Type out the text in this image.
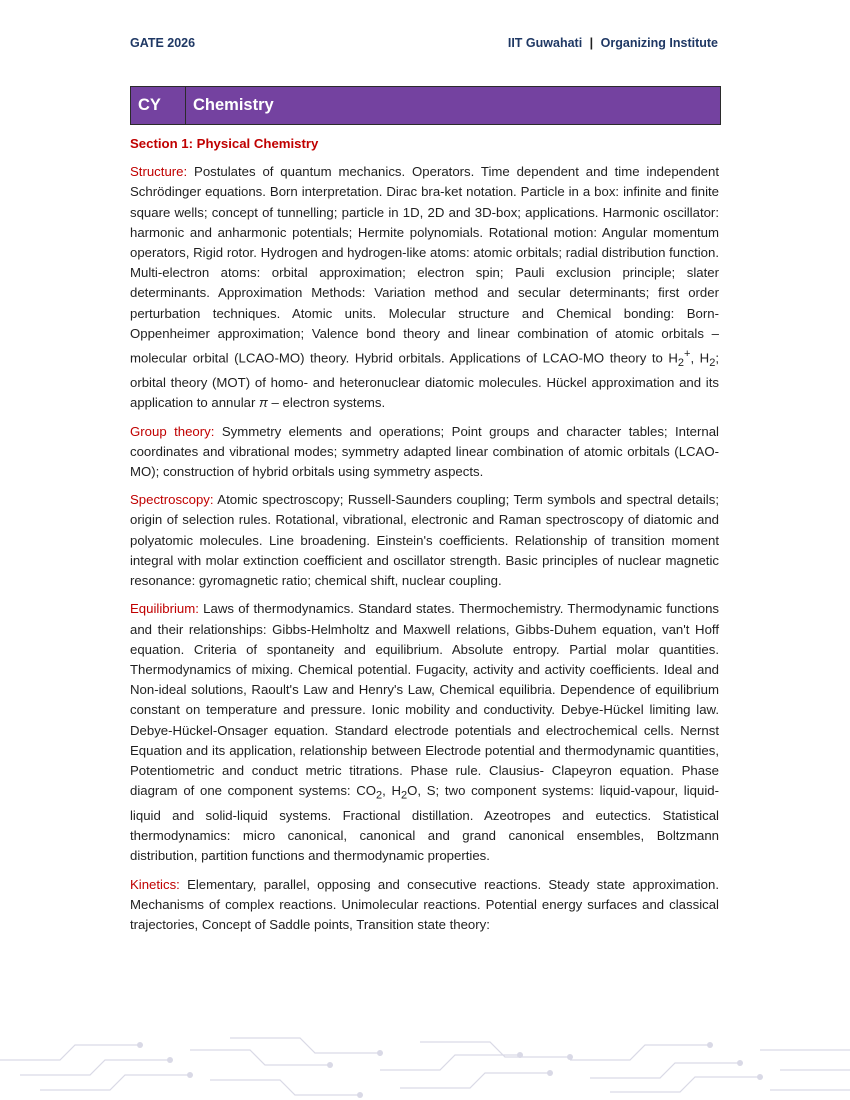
GATE 2026	IIT Guwahati | Organizing Institute
CY	Chemistry
Section 1: Physical Chemistry

Structure: Postulates of quantum mechanics. Operators. Time dependent and time independent Schrödinger equations. Born interpretation. Dirac bra-ket notation. Particle in a box: infinite and finite square wells; concept of tunnelling; particle in 1D, 2D and 3D-box; applications. Harmonic oscillator: harmonic and anharmonic potentials; Hermite polynomials. Rotational motion: Angular momentum operators, Rigid rotor. Hydrogen and hydrogen-like atoms: atomic orbitals; radial distribution function. Multi-electron atoms: orbital approximation; electron spin; Pauli exclusion principle; slater determinants. Approximation Methods: Variation method and secular determinants; first order perturbation techniques. Atomic units. Molecular structure and Chemical bonding: Born-Oppenheimer approximation; Valence bond theory and linear combination of atomic orbitals – molecular orbital (LCAO-MO) theory. Hybrid orbitals. Applications of LCAO-MO theory to $H_2^+$, $H_2$; orbital theory (MOT) of homo- and heteronuclear diatomic molecules. Hückel approximation and its application to annular π – electron systems.

Group theory: Symmetry elements and operations; Point groups and character tables; Internal coordinates and vibrational modes; symmetry adapted linear combination of atomic orbitals (LCAO-MO); construction of hybrid orbitals using symmetry aspects.

Spectroscopy: Atomic spectroscopy; Russell-Saunders coupling; Term symbols and spectral details; origin of selection rules. Rotational, vibrational, electronic and Raman spectroscopy of diatomic and polyatomic molecules. Line broadening. Einstein's coefficients. Relationship of transition moment integral with molar extinction coefficient and oscillator strength. Basic principles of nuclear magnetic resonance: gyromagnetic ratio; chemical shift, nuclear coupling.

Equilibrium: Laws of thermodynamics. Standard states. Thermochemistry. Thermodynamic functions and their relationships: Gibbs-Helmholtz and Maxwell relations, Gibbs-Duhem equation, van't Hoff equation. Criteria of spontaneity and equilibrium. Absolute entropy. Partial molar quantities. Thermodynamics of mixing. Chemical potential. Fugacity, activity and activity coefficients. Ideal and Non-ideal solutions, Raoult's Law and Henry's Law, Chemical equilibria. Dependence of equilibrium constant on temperature and pressure. Ionic mobility and conductivity. Debye-Hückel limiting law. Debye-Hückel-Onsager equation. Standard electrode potentials and electrochemical cells. Nernst Equation and its application, relationship between Electrode potential and thermodynamic quantities, Potentiometric and conduct metric titrations. Phase rule. Clausius- Clapeyron equation. Phase diagram of one component systems: $CO_2$, $H_2O$, S; two component systems: liquid-vapour, liquid-liquid and solid-liquid systems. Fractional distillation. Azeotropes and eutectics. Statistical thermodynamics: micro canonical, canonical and grand canonical ensembles, Boltzmann distribution, partition functions and thermodynamic properties.

Kinetics: Elementary, parallel, opposing and consecutive reactions. Steady state approximation. Mechanisms of complex reactions. Unimolecular reactions. Potential energy surfaces and classical trajectories, Concept of Saddle points, Transition state theory:
